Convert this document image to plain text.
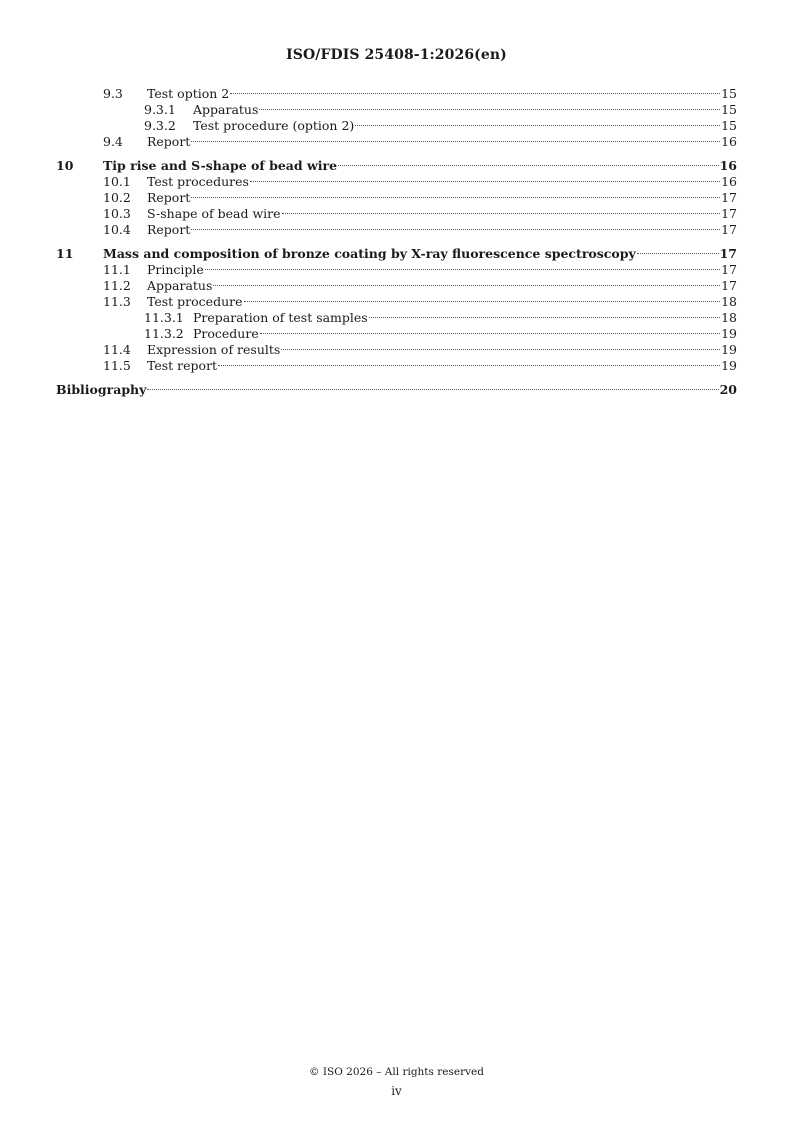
ISO/FDIS 25408-1:2026(en)
9.3	Test option 2	15
9.3.1	Apparatus	15
9.3.2	Test procedure (option 2)	15
9.4	Report	16
10	Tip rise and S-shape of bead wire	16
10.1	Test procedures	16
10.2	Report	17
10.3	S-shape of bead wire	17
10.4	Report	17
11	Mass and composition of bronze coating by X-ray fluorescence spectroscopy	17
11.1	Principle	17
11.2	Apparatus	17
11.3	Test procedure	18
11.3.1 Preparation of test samples	18
11.3.2 Procedure	19
11.4	Expression of results	19
11.5	Test report	19
Bibliography	20
© ISO 2026 – All rights reserved
iv
